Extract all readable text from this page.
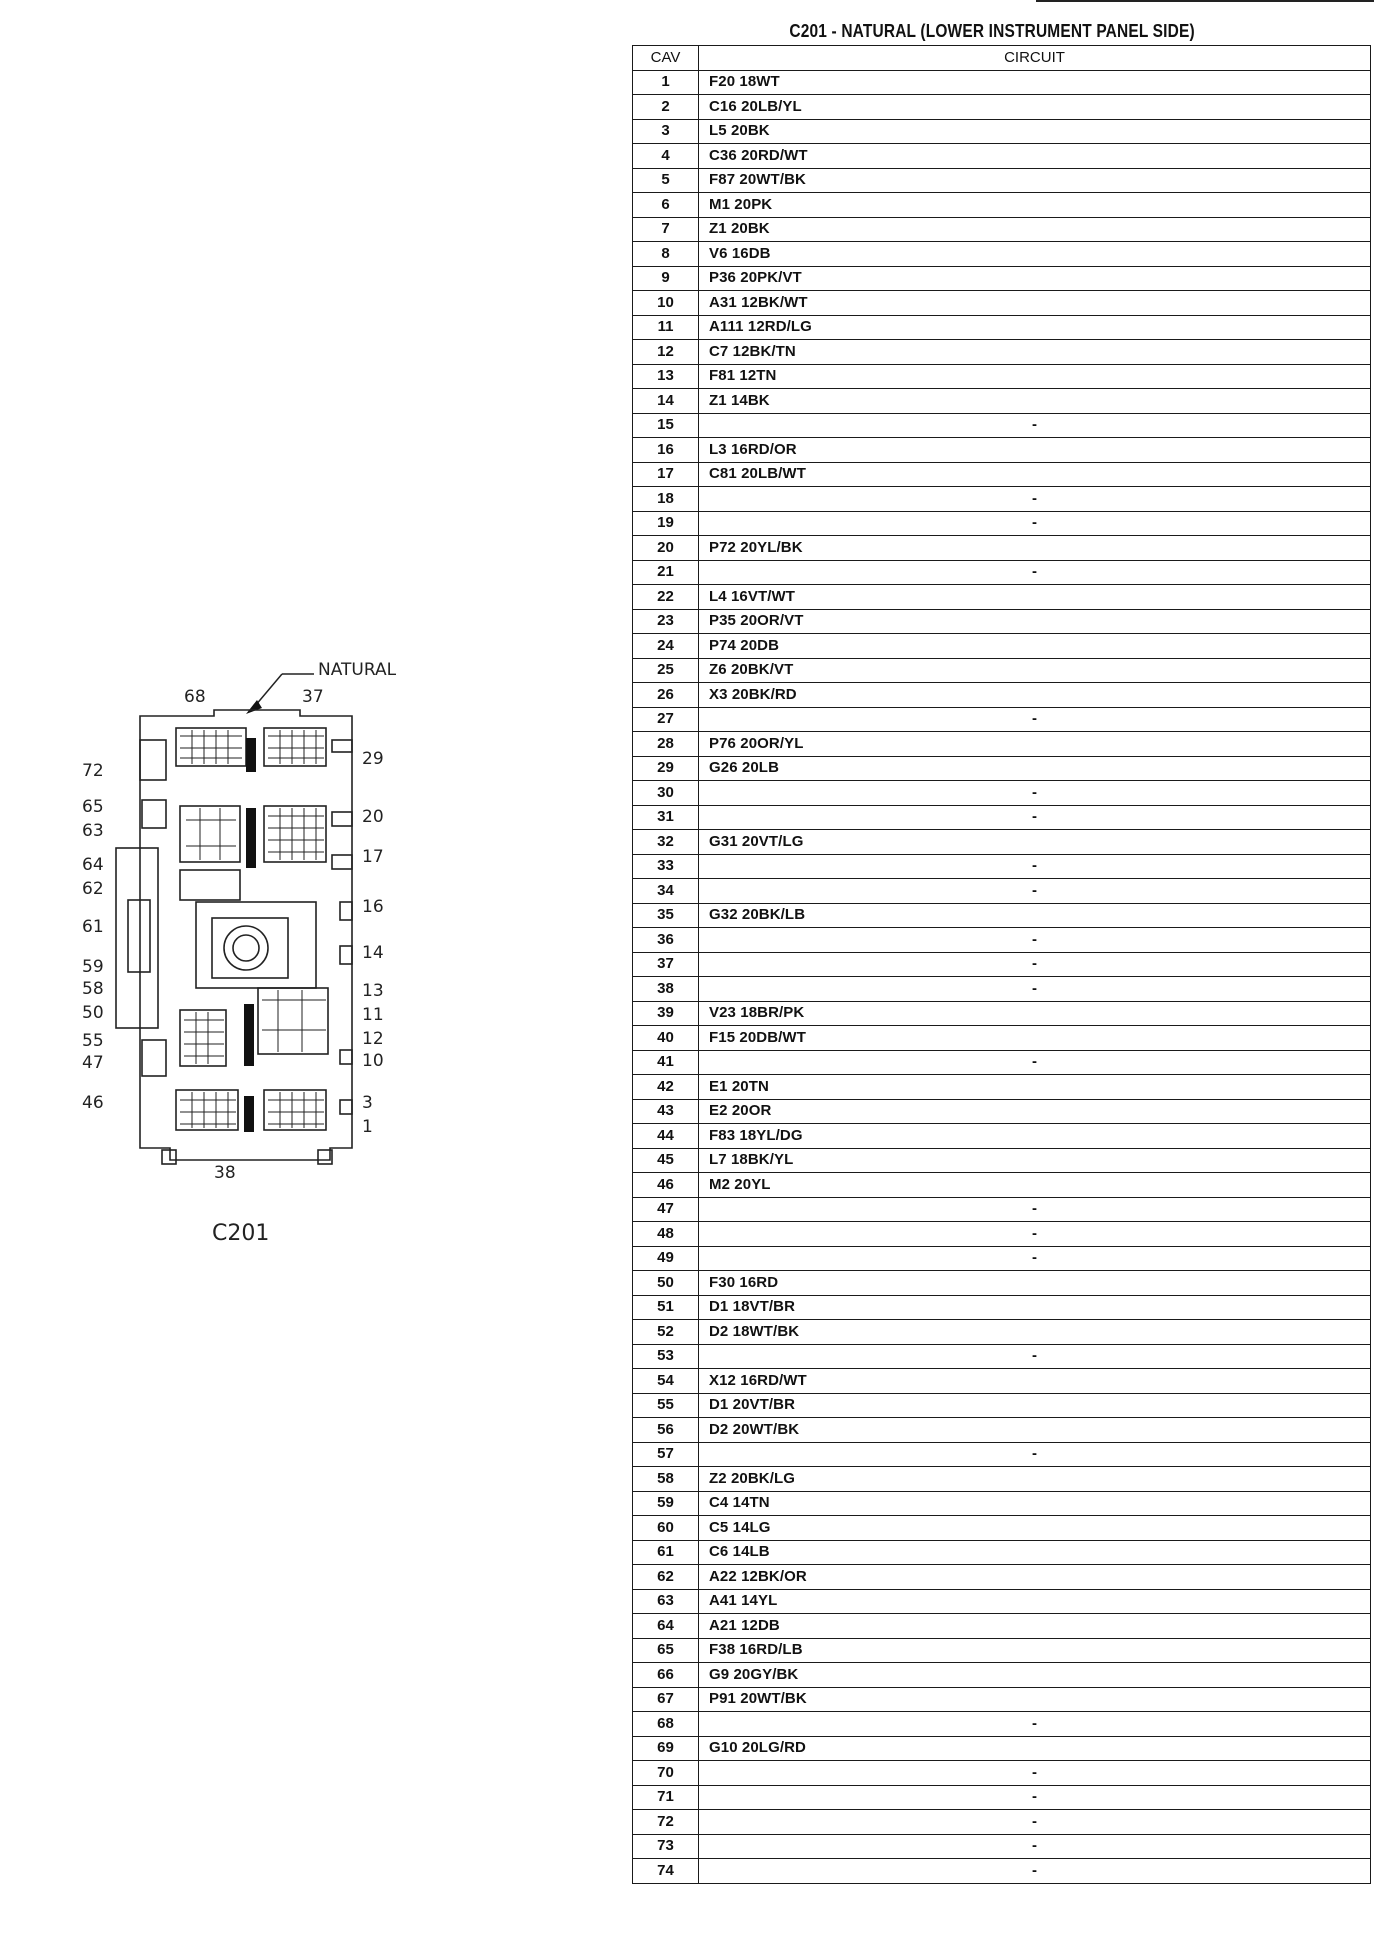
NATURAL
68	37
38
72
65
63
64
62
61
59
58
50
55
47
46
29
20
17
16
14
13
11
12
10
3
1
C201
C201 - NATURAL (LOWER INSTRUMENT PANEL SIDE)
CAV	CIRCUIT
1	F20 18WT
2	C16 20LB/YL
3	L5 20BK
4	C36 20RD/WT
5	F87 20WT/BK
6	M1 20PK
7	Z1 20BK
8	V6 16DB
9	P36 20PK/VT
10	A31 12BK/WT
11	A111 12RD/LG
12	C7 12BK/TN
13	F81 12TN
14	Z1 14BK
15	-
16	L3 16RD/OR
17	C81 20LB/WT
18	-
19	-
20	P72 20YL/BK
21	-
22	L4 16VT/WT
23	P35 20OR/VT
24	P74 20DB
25	Z6 20BK/VT
26	X3 20BK/RD
27	-
28	P76 20OR/YL
29	G26 20LB
30	-
31	-
32	G31 20VT/LG
33	-
34	-
35	G32 20BK/LB
36	-
37	-
38	-
39	V23 18BR/PK
40	F15 20DB/WT
41	-
42	E1 20TN
43	E2 20OR
44	F83 18YL/DG
45	L7 18BK/YL
46	M2 20YL
47	-
48	-
49	-
50	F30 16RD
51	D1 18VT/BR
52	D2 18WT/BK
53	-
54	X12 16RD/WT
55	D1 20VT/BR
56	D2 20WT/BK
57	-
58	Z2 20BK/LG
59	C4 14TN
60	C5 14LG
61	C6 14LB
62	A22 12BK/OR
63	A41 14YL
64	A21 12DB
65	F38 16RD/LB
66	G9 20GY/BK
67	P91 20WT/BK
68	-
69	G10 20LG/RD
70	-
71	-
72	-
73	-
74	-
